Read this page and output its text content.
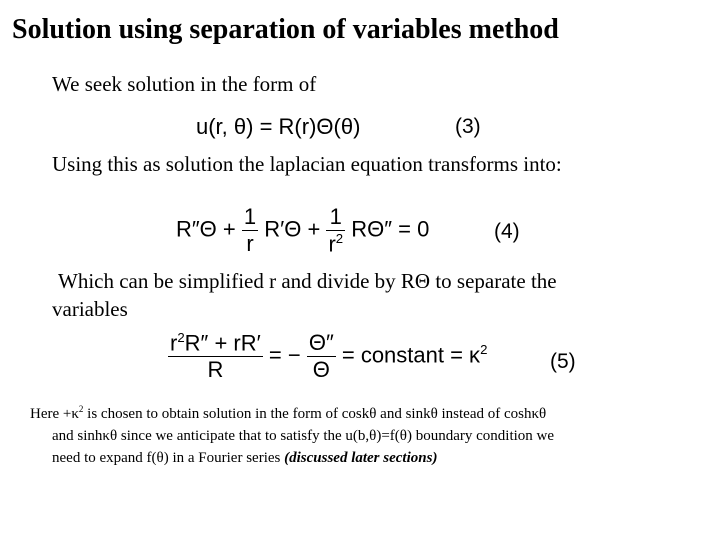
Solution using separation of variables method
We seek solution in the form of
u(r, θ) = R(r)Θ(θ)	(3)
Using this as solution the laplacian equation transforms into:
$R''\Theta + \frac{1}{r} R'\Theta + \frac{1}{r^2} R\Theta'' = 0$	(4)
Which can be simplified r and divide by RΘ to separate the
variables
$\frac{r^2R'' + rR'}{R}$ = − $\frac{\Theta''}{\Theta}$ = constant = $\kappa^2$
(5)
Here $+\kappa^2$ is chosen to obtain solution in the form of coskθ and sinkθ instead of coshκθ
and sinhκθ since we anticipate that to satisfy the u(b,θ)=f(θ) boundary condition we
need to expand f(θ) in a Fourier series (discussed later sections)
